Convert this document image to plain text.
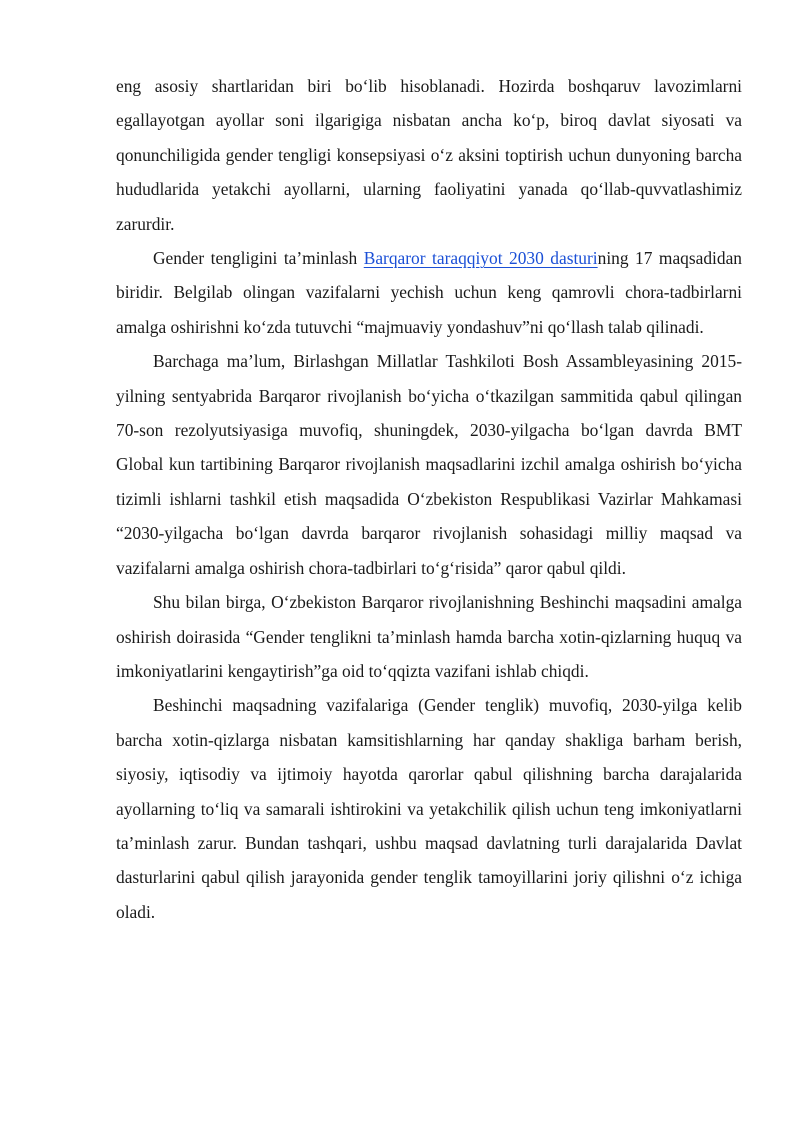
eng asosiy shartlaridan biri bo‘lib hisoblanadi. Hozirda boshqaruv lavozimlarni egallayotgan ayollar soni ilgarigiga nisbatan ancha ko‘p, biroq davlat siyosati va qonunchiligida gender tengligi konsepsiyasi o‘z aksini toptirish uchun dunyoning barcha hududlarida yetakchi ayollarni, ularning faoliyatini yanada qo‘llab-quvvatlashimiz zarurdir.

Gender tengligini ta’minlash Barqaror taraqqiyot 2030 dasturining 17 maqsadidan biridir. Belgilab olingan vazifalarni yechish uchun keng qamrovli chora-tadbirlarni amalga oshirishni ko‘zda tutuvchi “majmuaviy yondashuv”ni qo‘llash talab qilinadi.

Barchaga ma’lum, Birlashgan Millatlar Tashkiloti Bosh Assambleyasining 2015-yilning sentyabrida Barqaror rivojlanish bo‘yicha o‘tkazilgan sammitida qabul qilingan 70-son rezolyutsiyasiga muvofiq, shuningdek, 2030-yilgacha bo‘lgan davrda BMT Global kun tartibining Barqaror rivojlanish maqsadlarini izchil amalga oshirish bo‘yicha tizimli ishlarni tashkil etish maqsadida O‘zbekiston Respublikasi Vazirlar Mahkamasi “2030-yilgacha bo‘lgan davrda barqaror rivojlanish sohasidagi milliy maqsad va vazifalarni amalga oshirish chora-tadbirlari to‘g‘risida” qaror qabul qildi.

Shu bilan birga, O‘zbekiston Barqaror rivojlanishning Beshinchi maqsadini amalga oshirish doirasida “Gender tenglikni ta’minlash hamda barcha xotin-qizlarning huquq va imkoniyatlarini kengaytirish”ga oid to‘qqizta vazifani ishlab chiqdi.

Beshinchi maqsadning vazifalariga (Gender tenglik) muvofiq, 2030-yilga kelib barcha xotin-qizlarga nisbatan kamsitishlarning har qanday shakliga barham berish, siyosiy, iqtisodiy va ijtimoiy hayotda qarorlar qabul qilishning barcha darajalarida ayollarning to‘liq va samarali ishtirokini va yetakchilik qilish uchun teng imkoniyatlarni ta’minlash zarur. Bundan tashqari, ushbu maqsad davlatning turli darajalarida Davlat dasturlarini qabul qilish jarayonida gender tenglik tamoyillarini joriy qilishni o‘z ichiga oladi.
